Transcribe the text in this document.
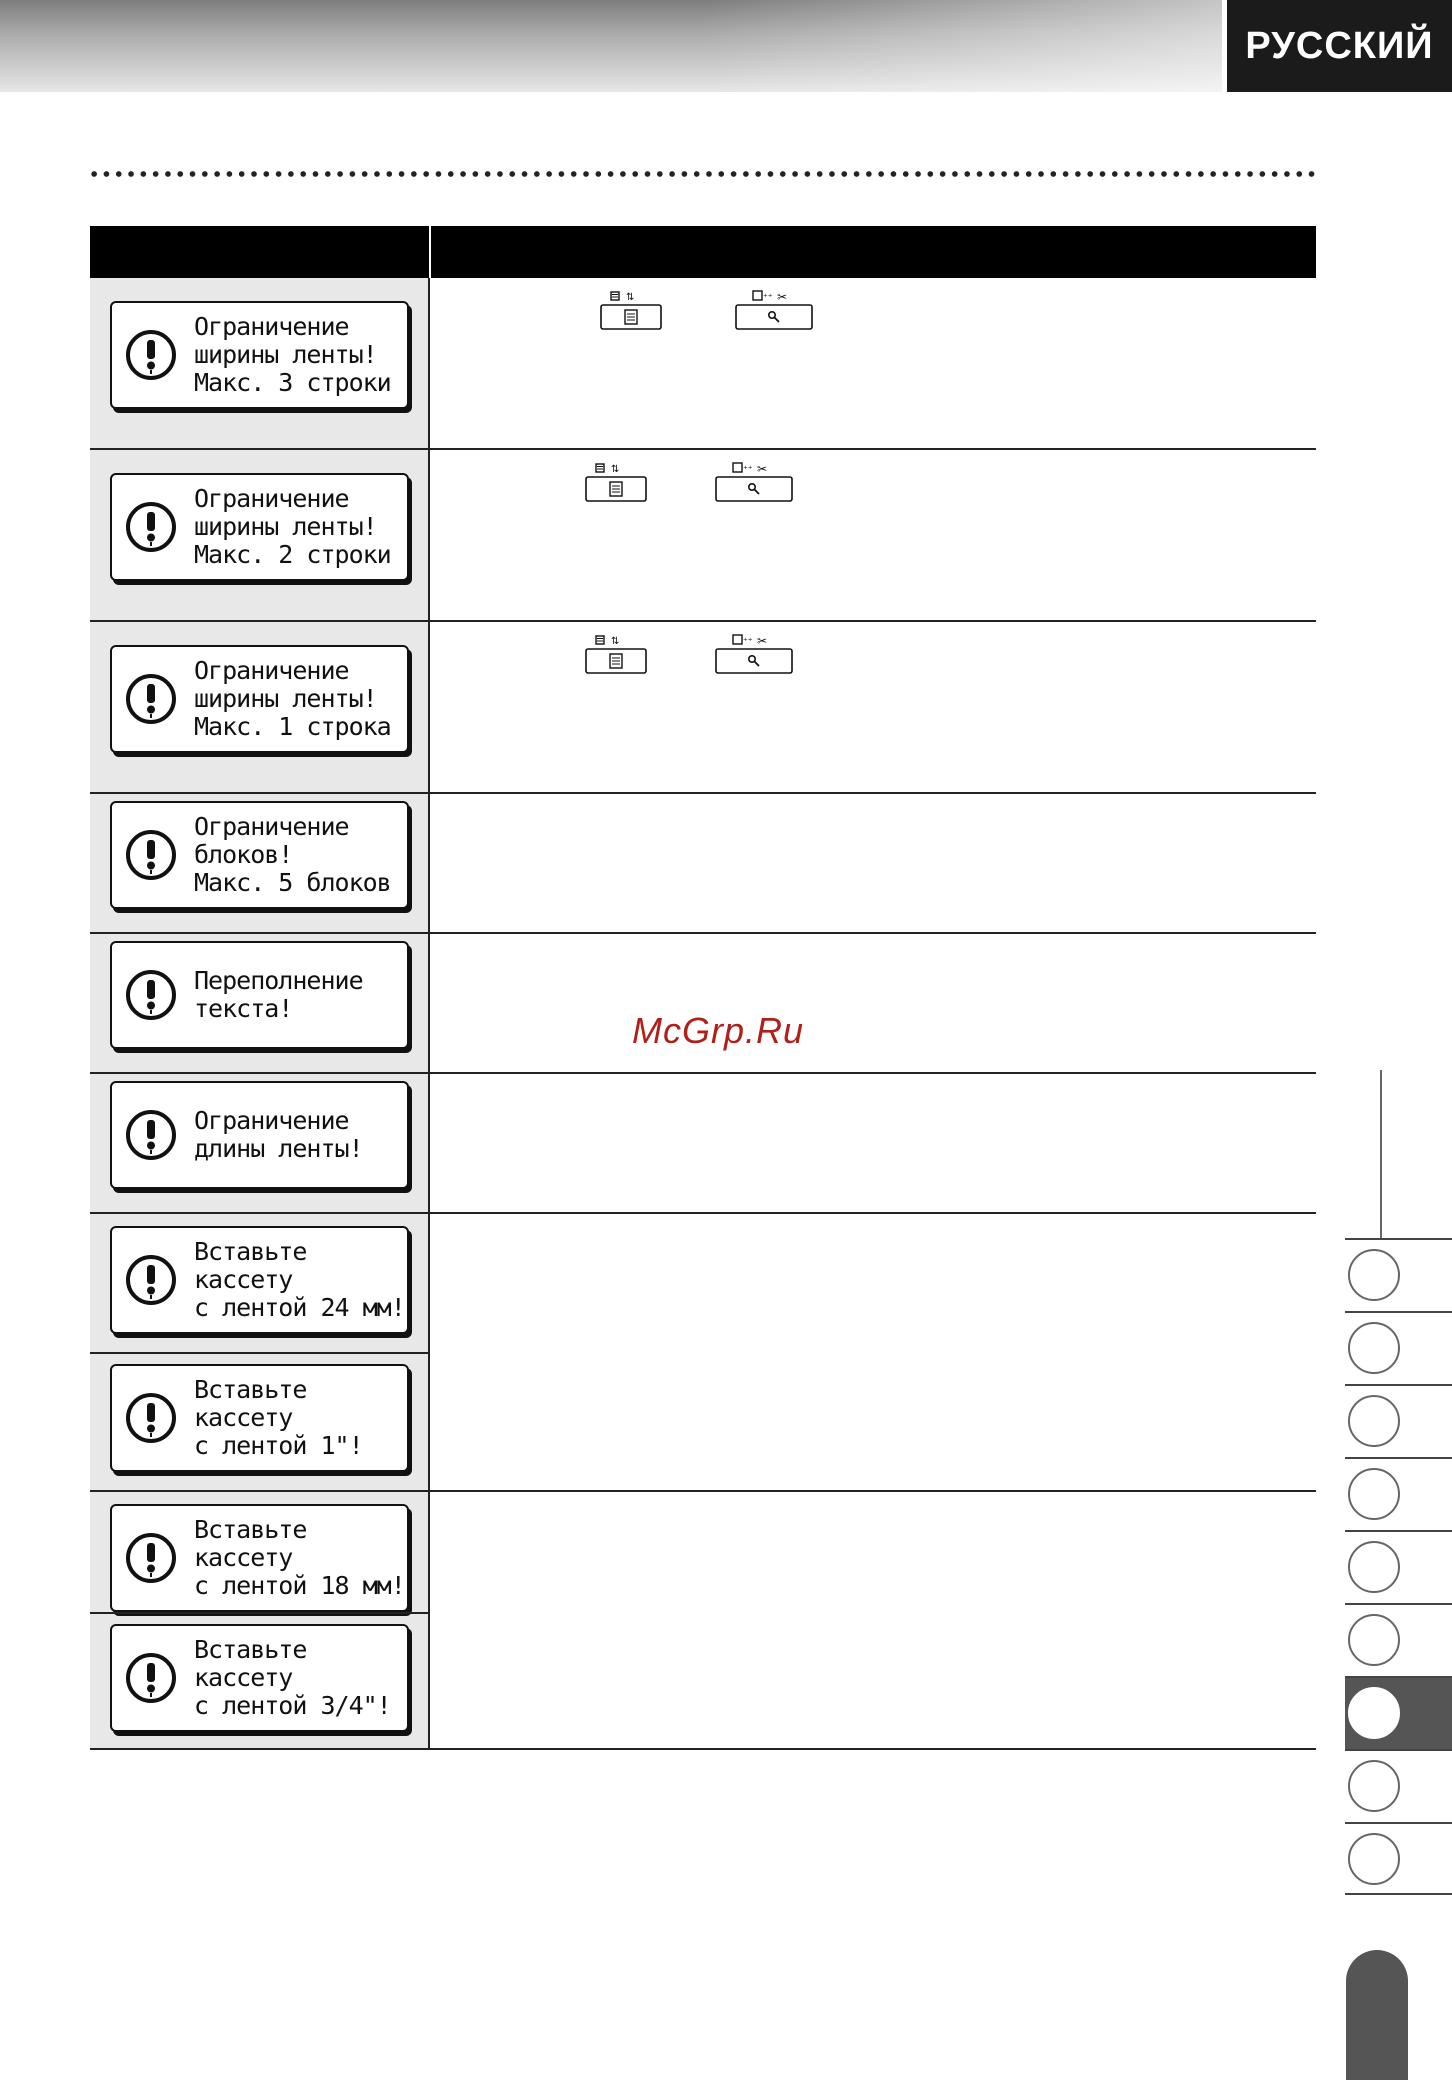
РУССКИЙ
Ограничение
ширины ленты!
Макс. 3 строки
⇅	⁺⁺ ✂
Ограничение
ширины ленты!
Макс. 2 строки
⇅	⁺⁺ ✂
Ограничение
ширины ленты!
Макс. 1 строка
⇅	⁺⁺ ✂
Ограничение
блоков!
Макс. 5 блоков
Переполнение
текста!
Ограничение
длины ленты!
Вставьте
кассету
с лентой 24 мм!
Вставьте
кассету
с лентой 1"!
Вставьте
кассету
с лентой 18 мм!
Вставьте
кассету
с лентой 3/4"!
McGrp.Ru
